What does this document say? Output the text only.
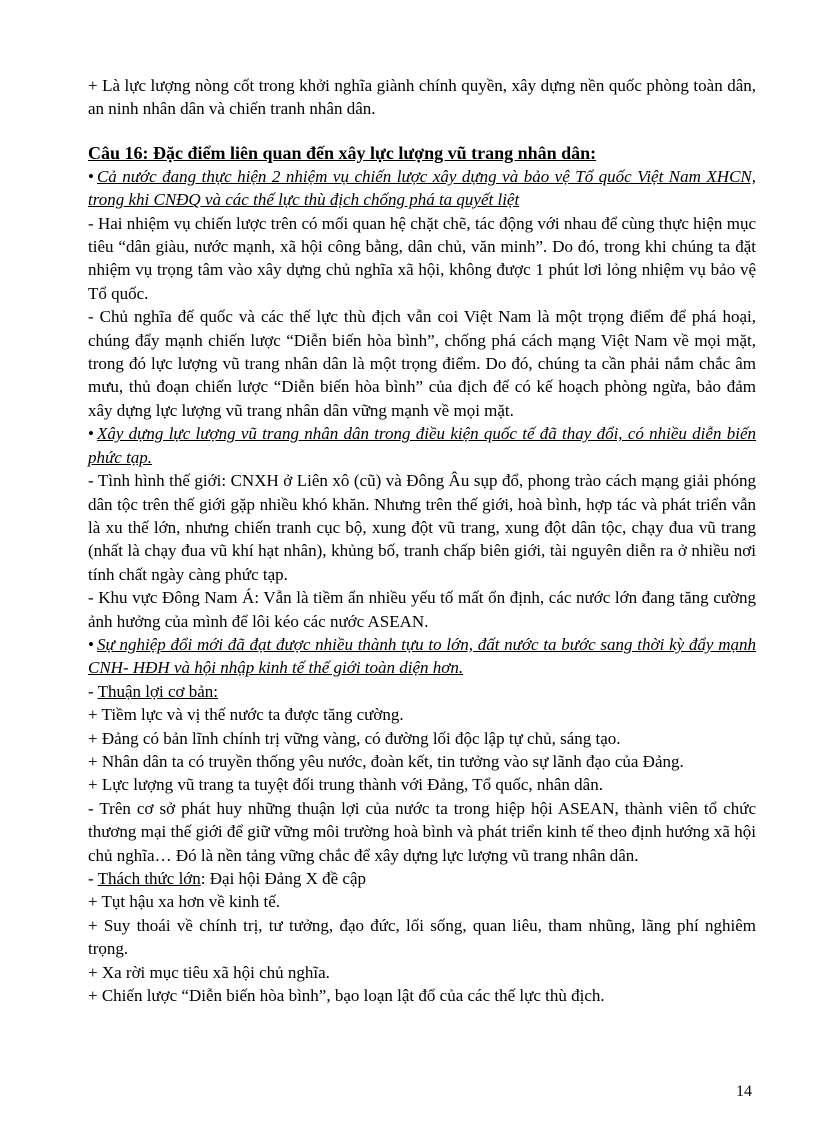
+ Là lực lượng nòng cốt trong khởi nghĩa giành chính quyền, xây dựng nền quốc phòng toàn dân, an ninh nhân dân và chiến tranh nhân dân.

Câu 16: Đặc điểm liên quan đến xây lực lượng vũ trang nhân dân:

• Cả nước đang thực hiện 2 nhiệm vụ chiến lược xây dựng và bảo vệ Tổ quốc Việt Nam XHCN, trong khi CNĐQ và các thế lực thù địch chống phá ta quyết liệt

- Hai nhiệm vụ chiến lược trên có mối quan hệ chặt chẽ, tác động với nhau để cùng thực hiện mục tiêu “dân giàu, nước mạnh, xã hội công bằng, dân chủ, văn minh”. Do đó, trong khi chúng ta đặt nhiệm vụ trọng tâm vào xây dựng chủ nghĩa xã hội, không được 1 phút lơi lỏng nhiệm vụ bảo vệ Tổ quốc.

- Chủ nghĩa đế quốc và các thế lực thù địch vẫn coi Việt Nam là một trọng điểm để phá hoại, chúng đẩy mạnh chiến lược “Diễn biến hòa bình”, chống phá cách mạng Việt Nam về mọi mặt, trong đó lực lượng vũ trang nhân dân là một trọng điểm. Do đó, chúng ta cần phải nắm chắc âm mưu, thủ đoạn chiến lược “Diễn biến hòa bình” của địch để có kế hoạch phòng ngừa, bảo đảm xây dựng lực lượng vũ trang nhân dân vững mạnh về mọi mặt.

• Xây dựng lực lượng vũ trang nhân dân trong điều kiện quốc tế đã thay đổi, có nhiều diễn biến phức tạp.

- Tình hình thế giới: CNXH ở Liên xô (cũ) và Đông Âu sụp đổ, phong trào cách mạng giải phóng dân tộc trên thế giới gặp nhiều khó khăn. Nhưng trên thế giới, hoà bình, hợp tác và phát triển vẫn là xu thế lớn, nhưng chiến tranh cục bộ, xung đột vũ trang, xung đột dân tộc, chạy đua vũ trang (nhất là chạy đua vũ khí hạt nhân), khủng bố, tranh chấp biên giới, tài nguyên diễn ra ở nhiều nơi tính chất ngày càng phức tạp.

- Khu vực Đông Nam Á: Vẫn là tiềm ẩn nhiều yếu tố mất ổn định, các nước lớn đang tăng cường ảnh hưởng của mình để lôi kéo các nước ASEAN.

• Sự nghiệp đổi mới đã đạt được nhiều thành tựu to lớn, đất nước ta bước sang thời kỳ đẩy mạnh CNH- HĐH và hội nhập kinh tế thế giới toàn diện hơn.

- Thuận lợi cơ bản:

+ Tiềm lực và vị thế nước ta được tăng cường.

+ Đảng có bản lĩnh chính trị vững vàng, có đường lối độc lập tự chủ, sáng tạo.

+ Nhân dân ta có truyền thống yêu nước, đoàn kết, tin tưởng vào sự lãnh đạo của Đảng.

+ Lực lượng vũ trang ta tuyệt đối trung thành với Đảng, Tổ quốc, nhân dân.

- Trên cơ sở phát huy những thuận lợi của nước ta trong hiệp hội ASEAN, thành viên tổ chức thương mại thế giới để giữ vững môi trường hoà bình và phát triển kinh tế theo định hướng xã hội chủ nghĩa… Đó là nền tảng vững chắc để xây dựng lực lượng vũ trang nhân dân.

- Thách thức lớn: Đại hội Đảng X đề cập

+ Tụt hậu xa hơn về kinh tế.

+ Suy thoái về chính trị, tư tưởng, đạo đức, lối sống, quan liêu, tham nhũng, lãng phí nghiêm trọng.

+ Xa rời mục tiêu xã hội chủ nghĩa.

+ Chiến lược “Diễn biến hòa bình”, bạo loạn lật đổ của các thế lực thù địch.

14
